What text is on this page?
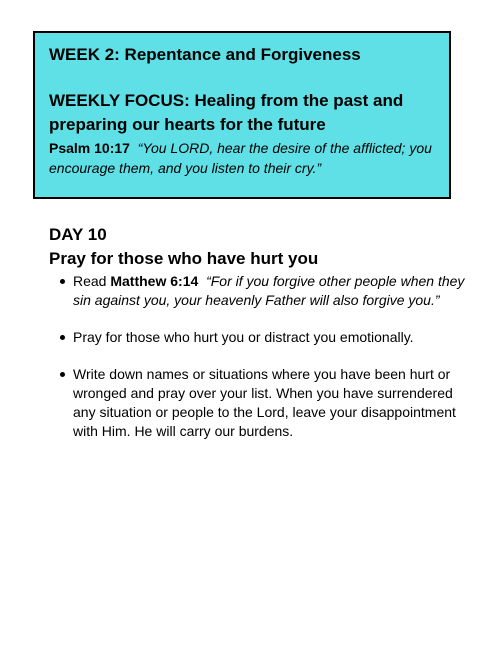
WEEK 2: Repentance and Forgiveness

WEEKLY FOCUS: Healing from the past and preparing our hearts for the future

Psalm 10:17 “You LORD, hear the desire of the afflicted; you encourage them, and you listen to their cry.”

DAY 10

Pray for those who have hurt you

Read Matthew 6:14 “For if you forgive other people when they sin against you, your heavenly Father will also forgive you.”
Pray for those who hurt you or distract you emotionally.
Write down names or situations where you have been hurt or wronged and pray over your list. When you have surrendered any situation or people to the Lord, leave your disappointment with Him. He will carry our burdens.
